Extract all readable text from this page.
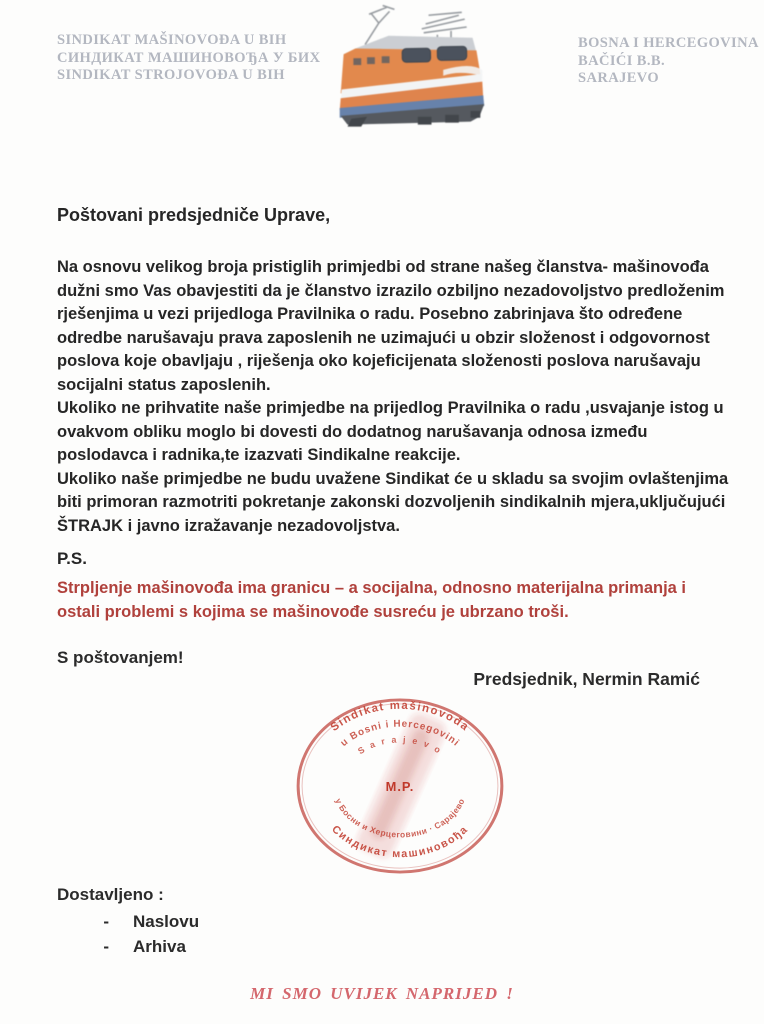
SINDIKAT MAŠINOVOĐA U BIH
СИНДИКАТ МАШИНОВОЂА У БИХ
SINDIKAT STROJOVOĐA U BIH
BOSNA I HERCEGOVINA
BAČIĆI B.B.
SARAJEVO
Poštovani predsjedniče Uprave,

Na osnovu velikog broja pristiglih primjedbi od strane našeg članstva- mašinovođa dužni smo Vas obavjestiti da je članstvo izrazilo ozbiljno nezadovoljstvo predloženim rješenjima u vezi prijedloga Pravilnika o radu. Posebno zabrinjava što određene odredbe narušavaju prava zaposlenih ne uzimajući u obzir složenost i odgovornost poslova koje obavljaju , riješenja oko kojeficijenata složenosti poslova narušavaju socijalni status zaposlenih.

Ukoliko ne prihvatite naše primjedbe na prijedlog Pravilnika o radu ,usvajanje istog u ovakvom obliku moglo bi dovesti do dodatnog narušavanja odnosa između poslodavca i radnika,te izazvati Sindikalne reakcije.

Ukoliko naše primjedbe ne budu uvažene Sindikat će u skladu sa svojim ovlaštenjima biti primoran razmotriti pokretanje zakonski dozvoljenih sindikalnih mjera,uključujući ŠTRAJK i javno izražavanje nezadovoljstva.

P.S.
Strpljenje mašinovođa ima granicu – a socijalna, odnosno materijalna primanja i ostali problemi s kojima se mašinovođe susreću je ubrzano troši.
S poštovanjem!
Predsjednik, Nermin Ramić
Sindikat mašinovođa
u Bosni i Hercegovini
S a r a j e v o
Синдикат машиновођа
у Босни и Херцеговини · Сарајево
M.P.
Dostavljeno :
-	Naslovu
-	Arhiva
MI SMO UVIJEK NAPRIJED !
